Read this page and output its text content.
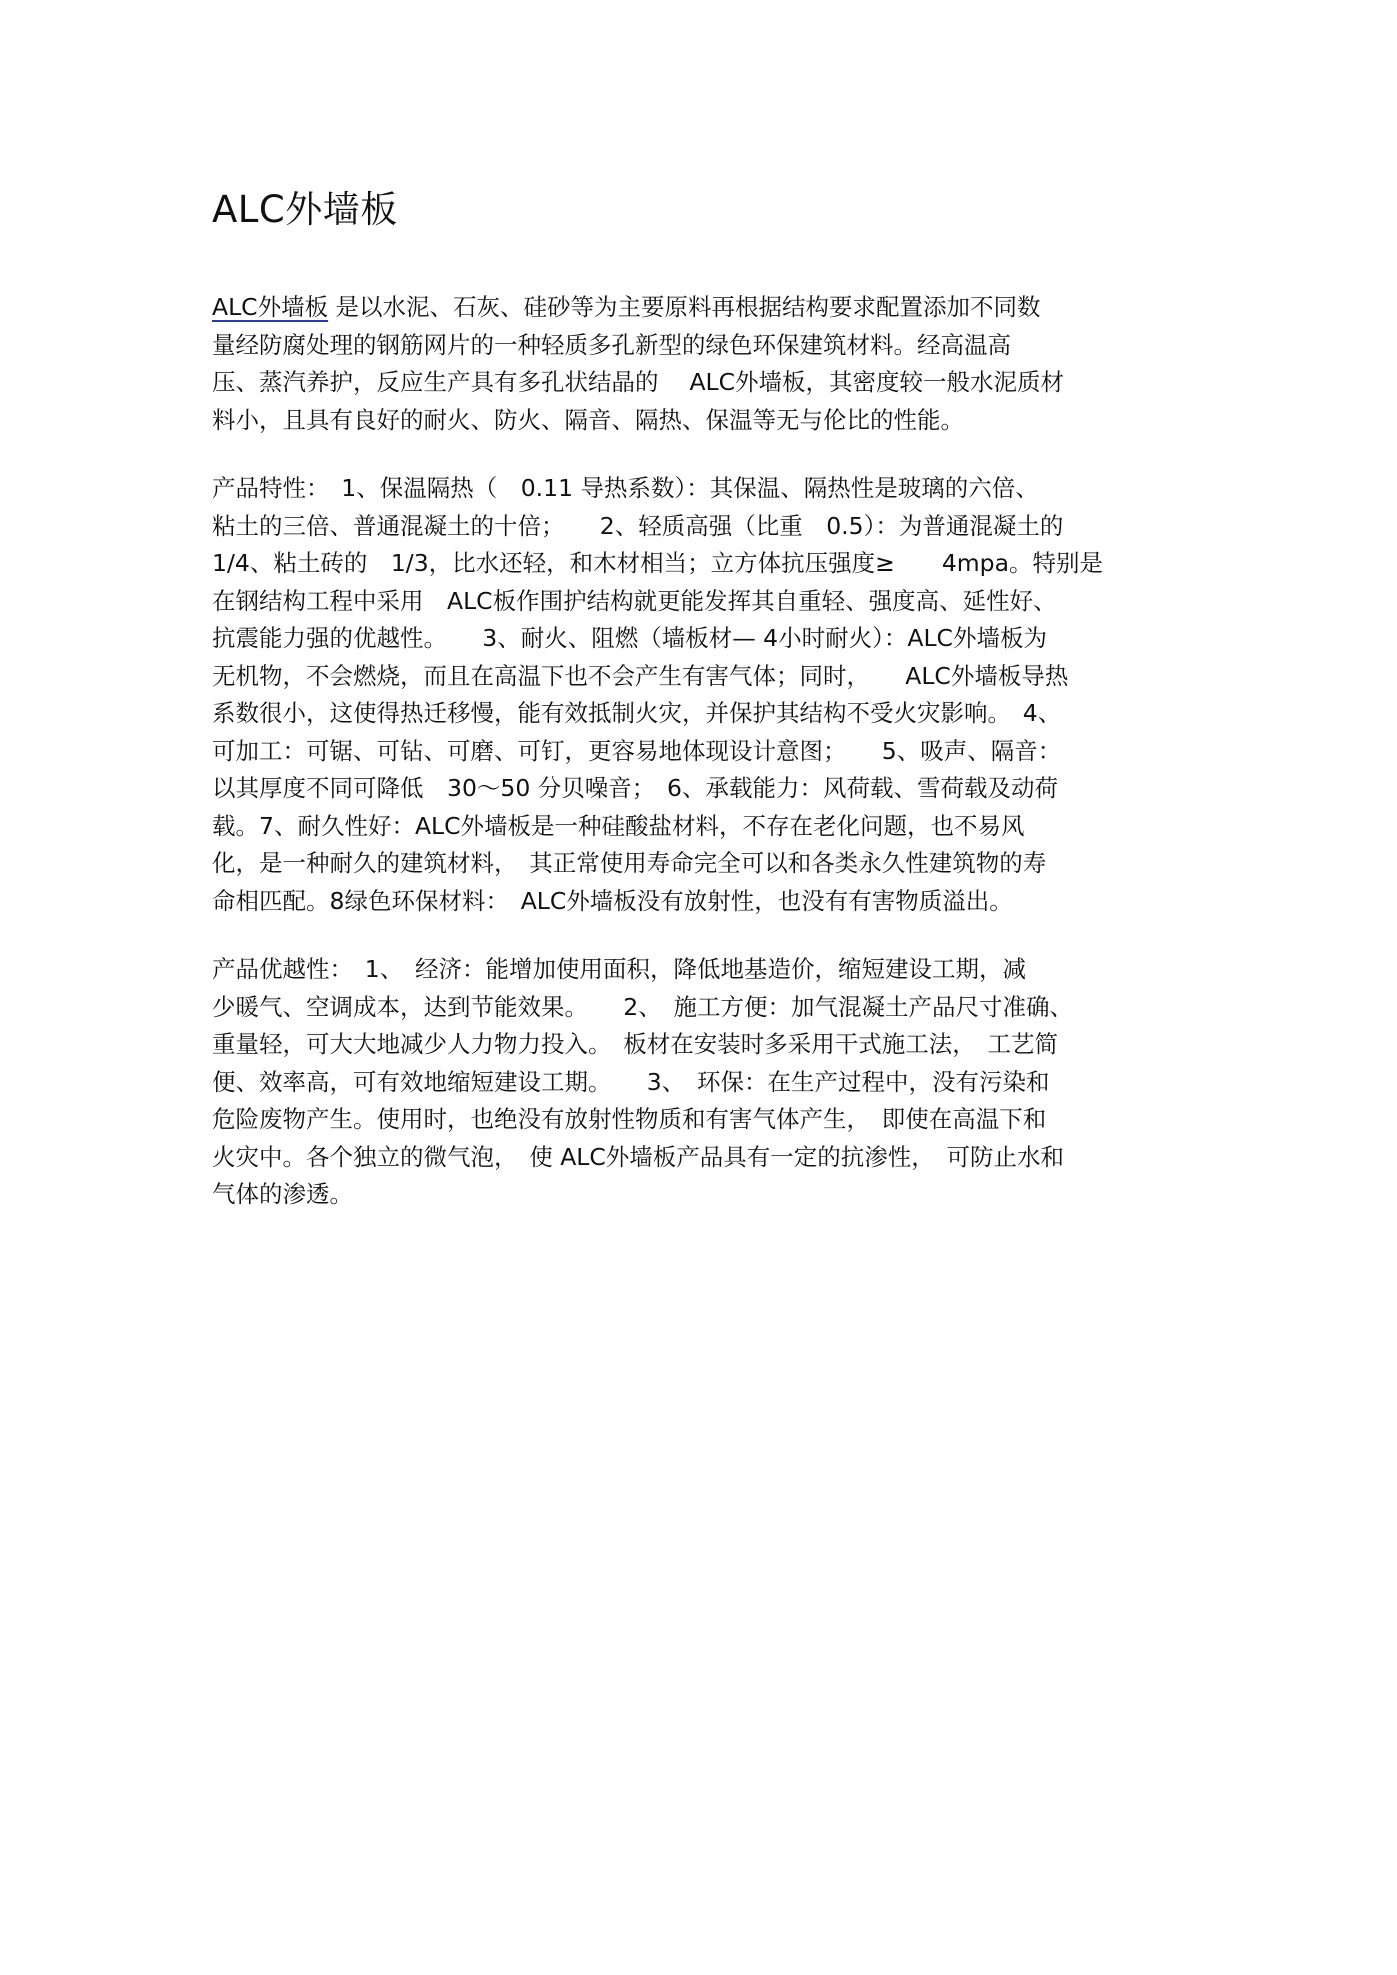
ALC外墙板
ALC外墙板 是以水泥、石灰、硅砂等为主要原料再根据结构要求配置添加不同数
量经防腐处理的钢筋网片的一种轻质多孔新型的绿色环保建筑材料。经高温高
压、蒸汽养护，反应生产具有多孔状结晶的　 ALC外墙板，其密度较一般水泥质材
料小，且具有良好的耐火、防火、隔音、隔热、保温等无与伦比的性能。
产品特性：　1、保温隔热（　0.11 导热系数）：其保温、隔热性是玻璃的六倍、
粘土的三倍、普通混凝土的十倍；　　2、轻质高强（比重　0.5）：为普通混凝土的
1/4、粘土砖的　1/3，比水还轻，和木材相当；立方体抗压强度≥　　4mpa。特别是
在钢结构工程中采用　ALC板作围护结构就更能发挥其自重轻、强度高、延性好、
抗震能力强的优越性。　　3、耐火、阻燃（墙板材— 4小时耐火）：ALC外墙板为
无机物，不会燃烧，而且在高温下也不会产生有害气体；同时，　　ALC外墙板导热
系数很小，这使得热迁移慢，能有效抵制火灾，并保护其结构不受火灾影响。　4、
可加工：可锯、可钻、可磨、可钉，更容易地体现设计意图；　　5、吸声、隔音：
以其厚度不同可降低　30～50 分贝噪音；　6、承载能力：风荷载、雪荷载及动荷
载。7、耐久性好：ALC外墙板是一种硅酸盐材料，不存在老化问题，也不易风
化，是一种耐久的建筑材料，　其正常使用寿命完全可以和各类永久性建筑物的寿
命相匹配。8绿色环保材料：　ALC外墙板没有放射性，也没有有害物质溢出。
产品优越性：　1、　经济：能增加使用面积，降低地基造价，缩短建设工期，减
少暖气、空调成本，达到节能效果。　　2、　施工方便：加气混凝土产品尺寸准确、
重量轻，可大大地减少人力物力投入。　板材在安装时多采用干式施工法，　工艺简
便、效率高，可有效地缩短建设工期。　　3、　环保：在生产过程中，没有污染和
危险废物产生。使用时，也绝没有放射性物质和有害气体产生，　即使在高温下和
火灾中。各个独立的微气泡，　使 ALC外墙板产品具有一定的抗渗性，　可防止水和
气体的渗透。
